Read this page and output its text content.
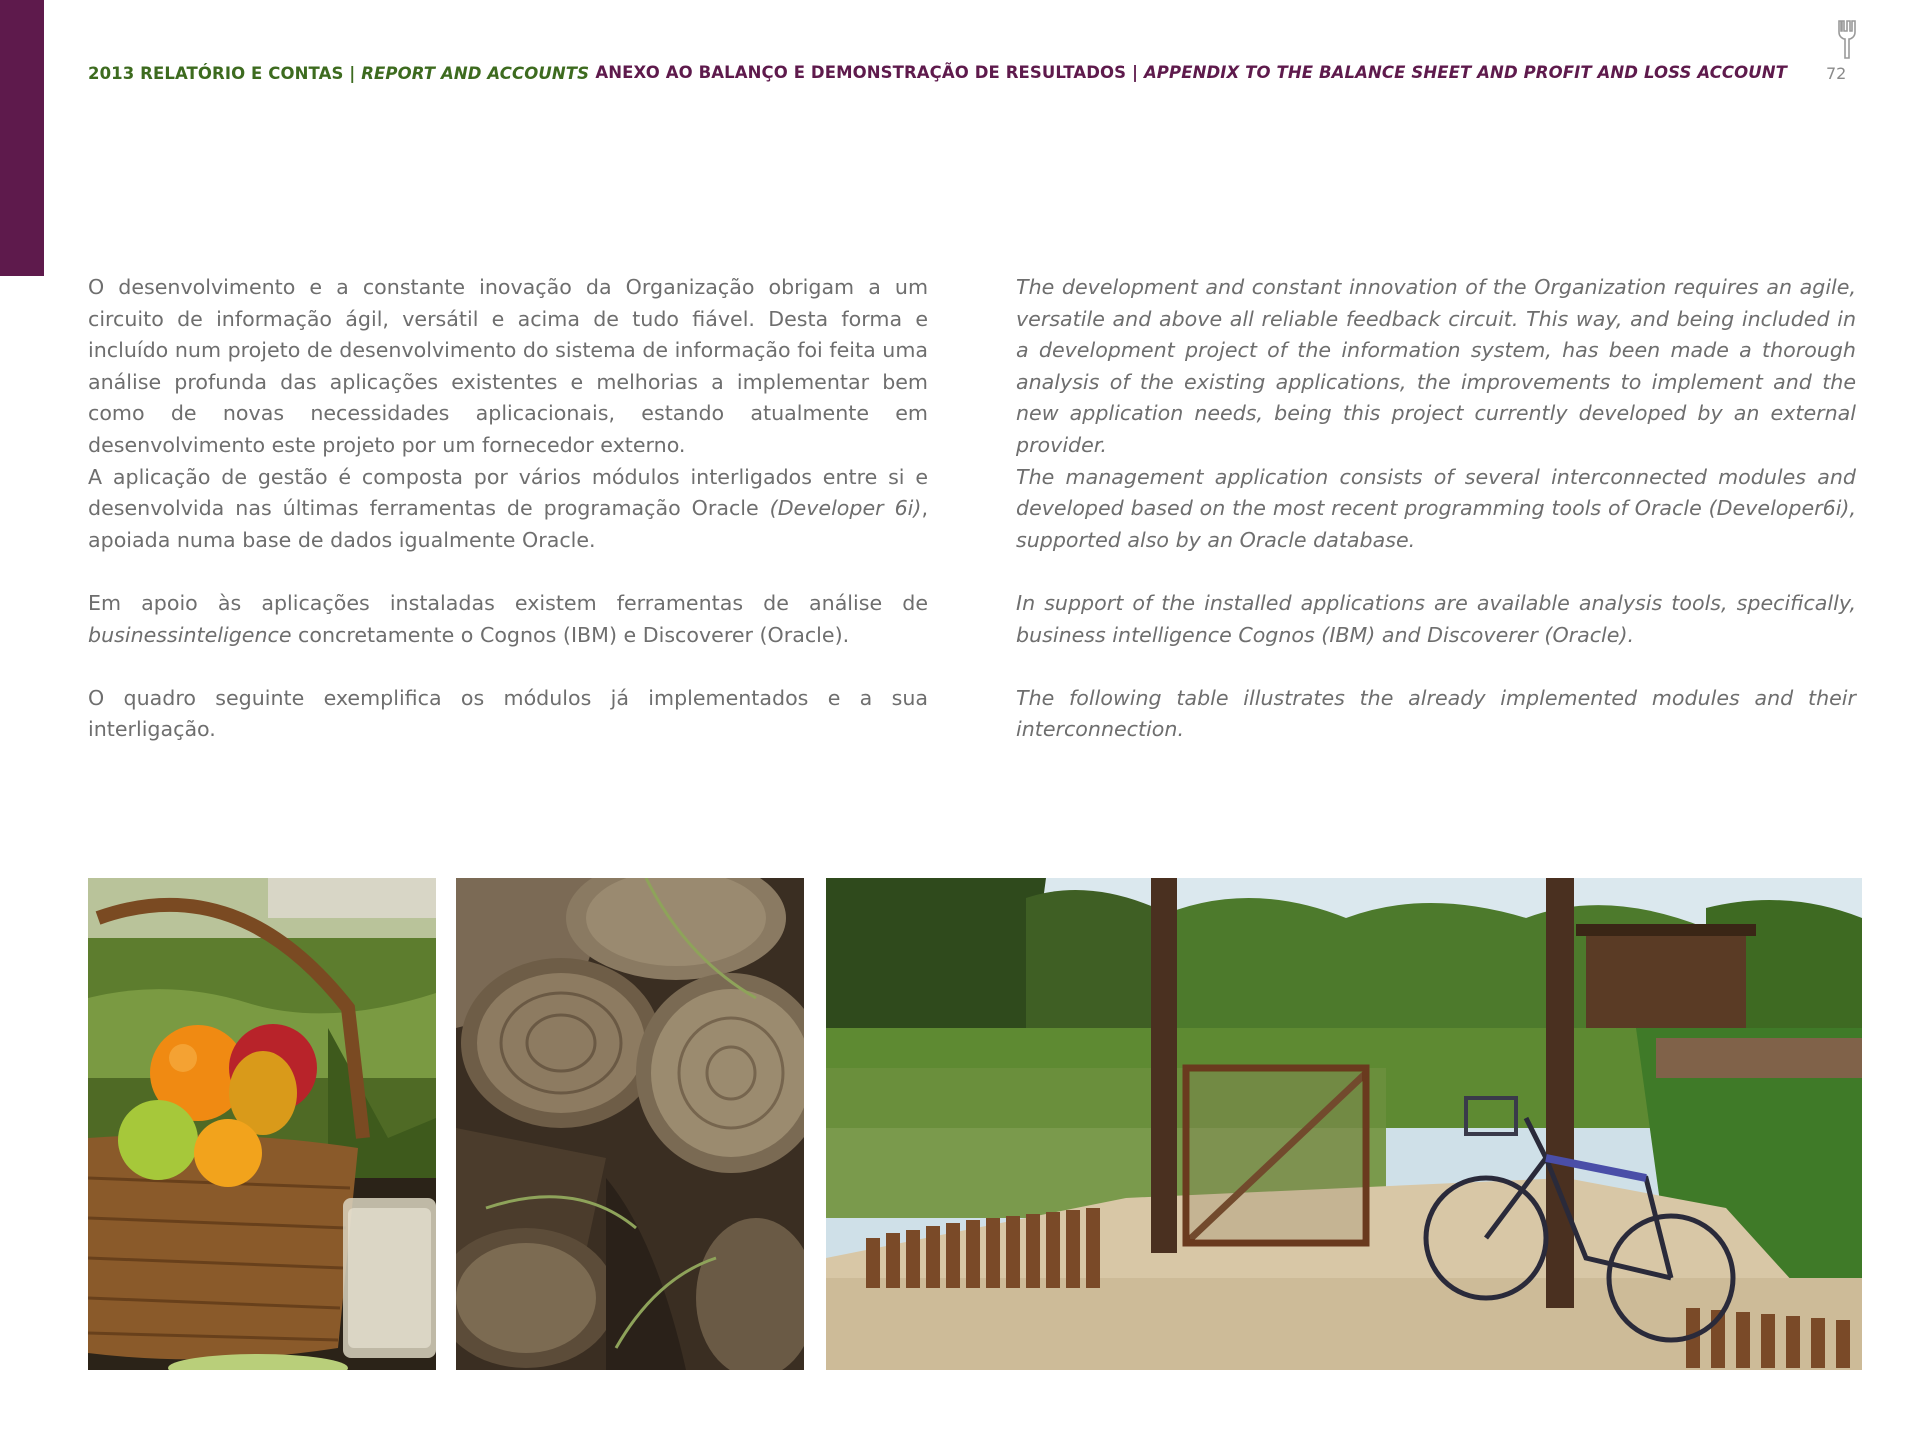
2013 RELATÓRIO E CONTAS | REPORT AND ACCOUNTS ANEXO AO BALANÇO E DEMONSTRAÇÃO DE RESULTADOS | APPENDIX TO THE BALANCE SHEET AND PROFIT AND LOSS ACCOUNT 72

O desenvolvimento e a constante inovação da Organização obrigam a um circuito de informação ágil, versátil e acima de tudo fiável. Desta forma e incluído num projeto de desenvolvimento do sistema de informação foi feita uma análise profunda das aplicações existentes e melhorias a implementar bem como de novas necessidades aplicacionais, estando atualmente em desenvolvimento este projeto por um fornecedor externo.

A aplicação de gestão é composta por vários módulos interligados entre si e desenvolvida nas últimas ferramentas de programação Oracle (Developer 6i), apoiada numa base de dados igualmente Oracle.

Em apoio às aplicações instaladas existem ferramentas de análise de businessinteligence concretamente o Cognos (IBM) e Discoverer (Oracle).

O quadro seguinte exemplifica os módulos já implementados e a sua interligação.

The development and constant innovation of the Organization requires an agile, versatile and above all reliable feedback circuit. This way, and being included in a development project of the information system, has been made a thorough analysis of the existing applications, the improvements to implement and the new application needs, being this project currently developed by an external provider.

The management application consists of several interconnected modules and developed based on the most recent programming tools of Oracle (Developer6i), supported also by an Oracle database.

In support of the installed applications are available analysis tools, specifically, business intelligence Cognos (IBM) and Discoverer (Oracle).

The following table illustrates the already implemented modules and their interconnection.
